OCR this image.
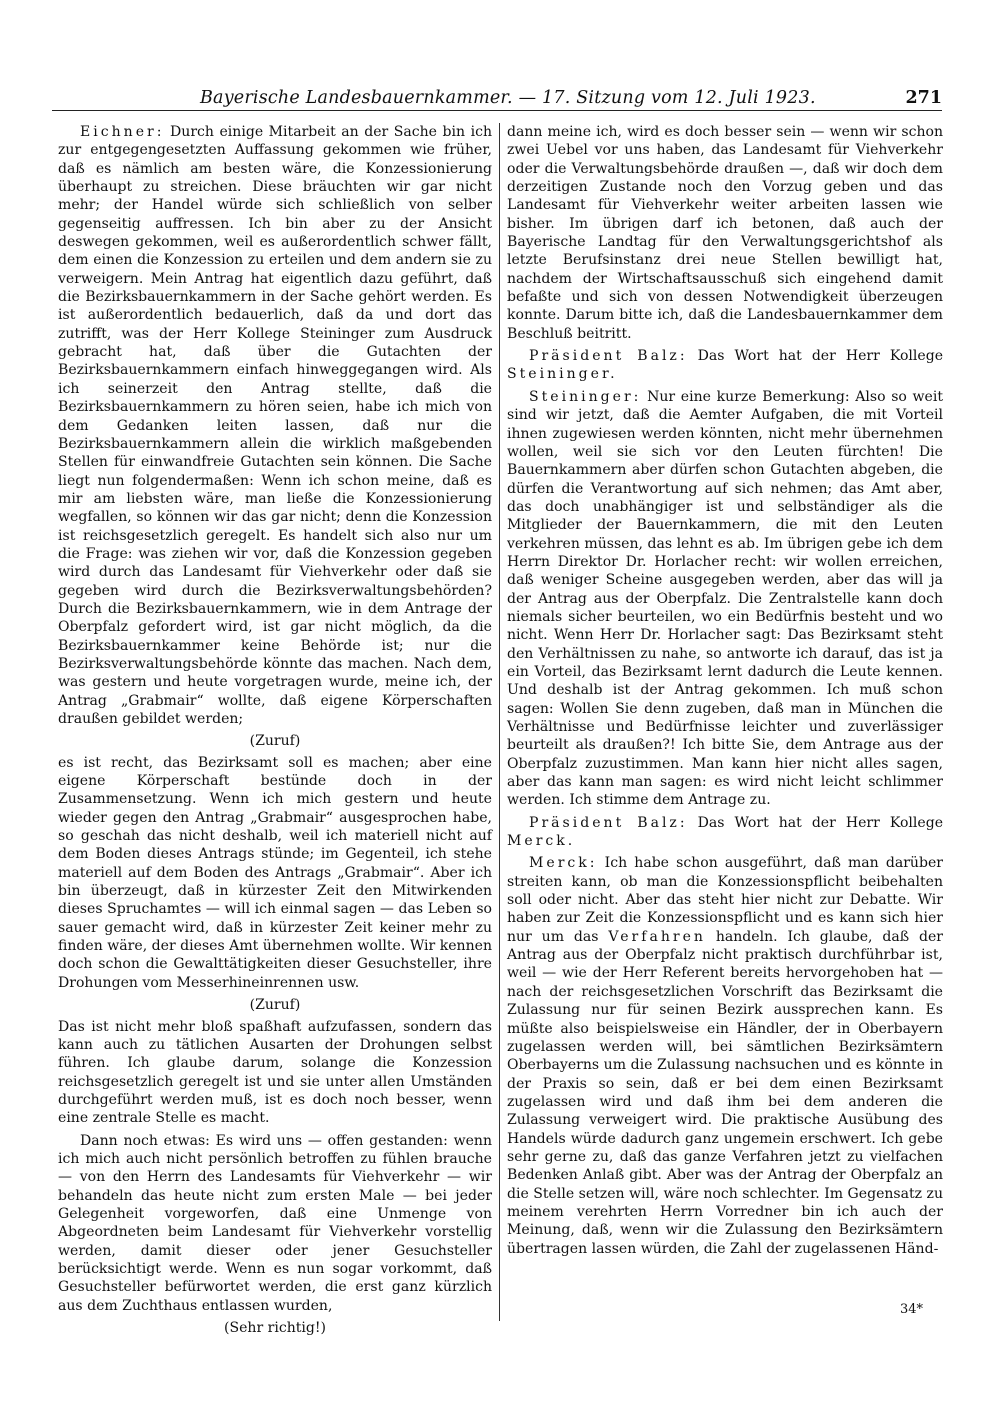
Bayerische Landesbauernkammer. — 17. Sitzung vom 12. Juli 1923.	271

Eichner: Durch einige Mitarbeit an der Sache bin ich zur entgegengesetzten Auffassung gekommen wie früher, daß es nämlich am besten wäre, die Konzessionierung überhaupt zu streichen. Diese bräuchten wir gar nicht mehr; der Handel würde sich schließlich von selber gegenseitig auffressen. Ich bin aber zu der Ansicht deswegen gekommen, weil es außerordentlich schwer fällt, dem einen die Konzession zu erteilen und dem andern sie zu verweigern. Mein Antrag hat eigentlich dazu geführt, daß die Bezirksbauernkammern in der Sache gehört werden. Es ist außerordentlich bedauerlich, daß da und dort das zutrifft, was der Herr Kollege Steininger zum Ausdruck gebracht hat, daß über die Gutachten der Bezirksbauernkammern einfach hinweggegangen wird. Als ich seinerzeit den Antrag stellte, daß die Bezirksbauernkammern zu hören seien, habe ich mich von dem Gedanken leiten lassen, daß nur die Bezirksbauernkammern allein die wirklich maßgebenden Stellen für einwandfreie Gutachten sein können. Die Sache liegt nun folgendermaßen: Wenn ich schon meine, daß es mir am liebsten wäre, man ließe die Konzessionierung wegfallen, so können wir das gar nicht; denn die Konzession ist reichsgesetzlich geregelt. Es handelt sich also nur um die Frage: was ziehen wir vor, daß die Konzession gegeben wird durch das Landesamt für Viehverkehr oder daß sie gegeben wird durch die Bezirksverwaltungsbehörden? Durch die Bezirksbauernkammern, wie in dem Antrage der Oberpfalz gefordert wird, ist gar nicht möglich, da die Bezirksbauernkammer keine Behörde ist; nur die Bezirksverwaltungsbehörde könnte das machen. Nach dem, was gestern und heute vorgetragen wurde, meine ich, der Antrag „Grabmair“ wollte, daß eigene Körperschaften draußen gebildet werden;

(Zuruf)

es ist recht, das Bezirksamt soll es machen; aber eine eigene Körperschaft bestünde doch in der Zusammensetzung. Wenn ich mich gestern und heute wieder gegen den Antrag „Grabmair“ ausgesprochen habe, so geschah das nicht deshalb, weil ich materiell nicht auf dem Boden dieses Antrags stünde; im Gegenteil, ich stehe materiell auf dem Boden des Antrags „Grabmair“. Aber ich bin überzeugt, daß in kürzester Zeit den Mitwirkenden dieses Spruchamtes — will ich einmal sagen — das Leben so sauer gemacht wird, daß in kürzester Zeit keiner mehr zu finden wäre, der dieses Amt übernehmen wollte. Wir kennen doch schon die Gewalttätigkeiten dieser Gesuchsteller, ihre Drohungen vom Messerhineinrennen usw.

(Zuruf)

Das ist nicht mehr bloß spaßhaft aufzufassen, sondern das kann auch zu tätlichen Ausarten der Drohungen selbst führen. Ich glaube darum, solange die Konzession reichsgesetzlich geregelt ist und sie unter allen Umständen durchgeführt werden muß, ist es doch noch besser, wenn eine zentrale Stelle es macht.

Dann noch etwas: Es wird uns — offen gestanden: wenn ich mich auch nicht persönlich betroffen zu fühlen brauche — von den Herrn des Landesamts für Viehverkehr — wir behandeln das heute nicht zum ersten Male — bei jeder Gelegenheit vorgeworfen, daß eine Unmenge von Abgeordneten beim Landesamt für Viehverkehr vorstellig werden, damit dieser oder jener Gesuchsteller berücksichtigt werde. Wenn es nun sogar vorkommt, daß Gesuchsteller befürwortet werden, die erst ganz kürzlich aus dem Zuchthaus entlassen wurden,

(Sehr richtig!)

dann meine ich, wird es doch besser sein — wenn wir schon zwei Uebel vor uns haben, das Landesamt für Viehverkehr oder die Verwaltungsbehörde draußen —, daß wir doch dem derzeitigen Zustande noch den Vorzug geben und das Landesamt für Viehverkehr weiter arbeiten lassen wie bisher. Im übrigen darf ich betonen, daß auch der Bayerische Landtag für den Verwaltungsgerichtshof als letzte Berufsinstanz drei neue Stellen bewilligt hat, nachdem der Wirtschaftsausschuß sich eingehend damit befaßte und sich von dessen Notwendigkeit überzeugen konnte. Darum bitte ich, daß die Landesbauernkammer dem Beschluß beitritt.

Präsident Balz: Das Wort hat der Herr Kollege Steininger.

Steininger: Nur eine kurze Bemerkung: Also so weit sind wir jetzt, daß die Aemter Aufgaben, die mit Vorteil ihnen zugewiesen werden könnten, nicht mehr übernehmen wollen, weil sie sich vor den Leuten fürchten! Die Bauernkammern aber dürfen schon Gutachten abgeben, die dürfen die Verantwortung auf sich nehmen; das Amt aber, das doch unabhängiger ist und selbständiger als die Mitglieder der Bauernkammern, die mit den Leuten verkehren müssen, das lehnt es ab. Im übrigen gebe ich dem Herrn Direktor Dr. Horlacher recht: wir wollen erreichen, daß weniger Scheine ausgegeben werden, aber das will ja der Antrag aus der Oberpfalz. Die Zentralstelle kann doch niemals sicher beurteilen, wo ein Bedürfnis besteht und wo nicht. Wenn Herr Dr. Horlacher sagt: Das Bezirksamt steht den Verhältnissen zu nahe, so antworte ich darauf, das ist ja ein Vorteil, das Bezirksamt lernt dadurch die Leute kennen. Und deshalb ist der Antrag gekommen. Ich muß schon sagen: Wollen Sie denn zugeben, daß man in München die Verhältnisse und Bedürfnisse leichter und zuverlässiger beurteilt als draußen?! Ich bitte Sie, dem Antrage aus der Oberpfalz zuzustimmen. Man kann hier nicht alles sagen, aber das kann man sagen: es wird nicht leicht schlimmer werden. Ich stimme dem Antrage zu.

Präsident Balz: Das Wort hat der Herr Kollege Merck.

Merck: Ich habe schon ausgeführt, daß man darüber streiten kann, ob man die Konzessionspflicht beibehalten soll oder nicht. Aber das steht hier nicht zur Debatte. Wir haben zur Zeit die Konzessionspflicht und es kann sich hier nur um das Verfahren handeln. Ich glaube, daß der Antrag aus der Oberpfalz nicht praktisch durchführbar ist, weil — wie der Herr Referent bereits hervorgehoben hat — nach der reichsgesetzlichen Vorschrift das Bezirksamt die Zulassung nur für seinen Bezirk aussprechen kann. Es müßte also beispielsweise ein Händler, der in Oberbayern zugelassen werden will, bei sämtlichen Bezirksämtern Oberbayerns um die Zulassung nachsuchen und es könnte in der Praxis so sein, daß er bei dem einen Bezirksamt zugelassen wird und daß ihm bei dem anderen die Zulassung verweigert wird. Die praktische Ausübung des Handels würde dadurch ganz ungemein erschwert. Ich gebe sehr gerne zu, daß das ganze Verfahren jetzt zu vielfachen Bedenken Anlaß gibt. Aber was der Antrag der Oberpfalz an die Stelle setzen will, wäre noch schlechter. Im Gegensatz zu meinem verehrten Herrn Vorredner bin ich auch der Meinung, daß, wenn wir die Zulassung den Bezirksämtern übertragen lassen würden, die Zahl der zugelassenen Händ-

34*
